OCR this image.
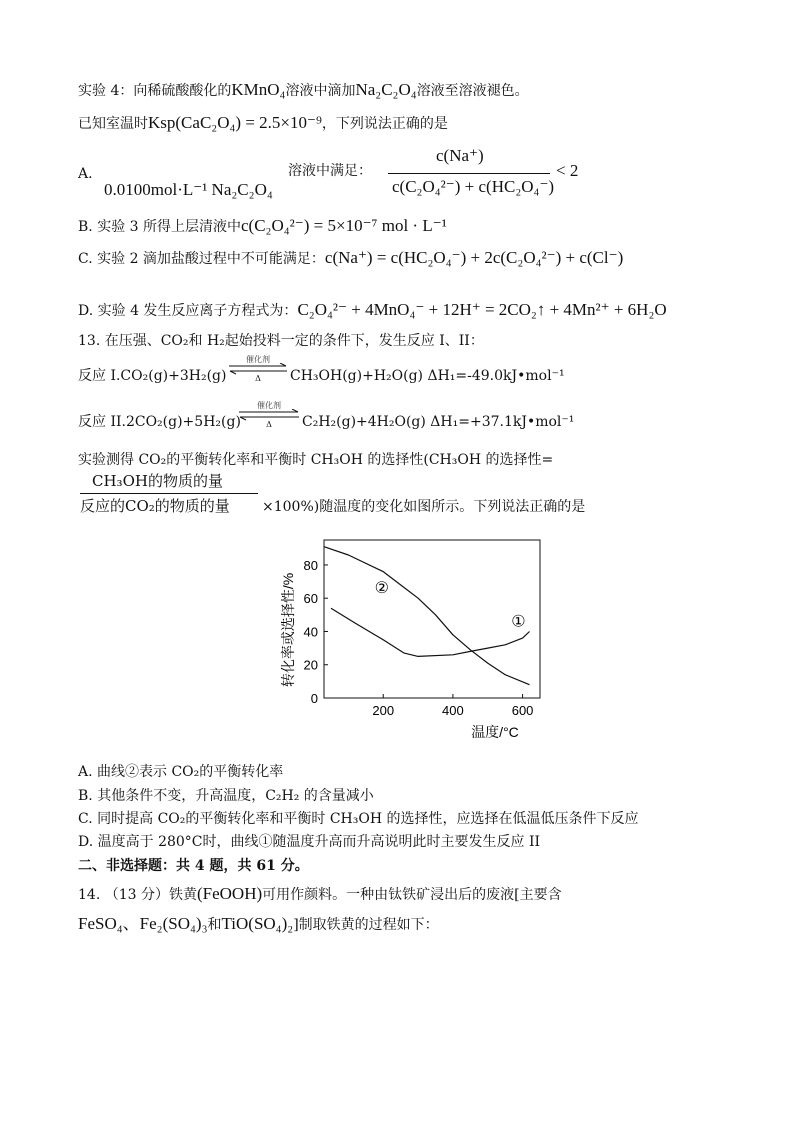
实验 4：向稀硫酸酸化的KMnO₄溶液中滴加Na₂C₂O₄溶液至溶液褪色。
已知室温时Ksp(CaC₂O₄) = 2.5×10⁻⁹，下列说法正确的是
A.
0.0100mol·L⁻¹ Na₂C₂O₄
溶液中满足：
c(Na⁺)
c(C₂O₄²⁻) + c(HC₂O₄⁻)
< 2
B. 实验 3 所得上层清液中c(C₂O₄²⁻) = 5×10⁻⁷ mol · L⁻¹
C. 实验 2 滴加盐酸过程中不可能满足：c(Na⁺) = c(HC₂O₄⁻) + 2c(C₂O₄²⁻) + c(Cl⁻)
D. 实验 4 发生反应离子方程式为：C₂O₄²⁻ + 4MnO₄⁻ + 12H⁺ = 2CO₂↑ + 4Mn²⁺ + 6H₂O
13. 在压强、CO₂和 H₂起始投料一定的条件下，发生反应 I、II：
反应 I.CO₂(g)+3H₂(g)
催化剂
Δ	CH₃OH(g)+H₂O(g) ΔH₁=-49.0kJ•mol⁻¹
反应 II.2CO₂(g)+5H₂(g)
催化剂
Δ	C₂H₂(g)+4H₂O(g) ΔH₁=+37.1kJ•mol⁻¹
实验测得 CO₂的平衡转化率和平衡时 CH₃OH 的选择性(CH₃OH 的选择性=
CH₃OH的物质的量
反应的CO₂的物质的量 ×100%)随温度的变化如图所示。下列说法正确的是
转化率或选择性/%
温度/°C
200	400	600
0
20
40
60
80
①
②
A. 曲线②表示 CO₂的平衡转化率
B. 其他条件不变，升高温度，C₂H₂ 的含量减小
C. 同时提高 CO₂的平衡转化率和平衡时 CH₃OH 的选择性，应选择在低温低压条件下反应
D. 温度高于 280°C时，曲线①随温度升高而升高说明此时主要发生反应 II
二、非选择题：共 4 题，共 61 分。
14. （13 分）铁黄(FeOOH)可用作颜料。一种由钛铁矿浸出后的废液[主要含
FeSO₄、Fe₂(SO₄)₃和TiO(SO₄)₂]制取铁黄的过程如下：
